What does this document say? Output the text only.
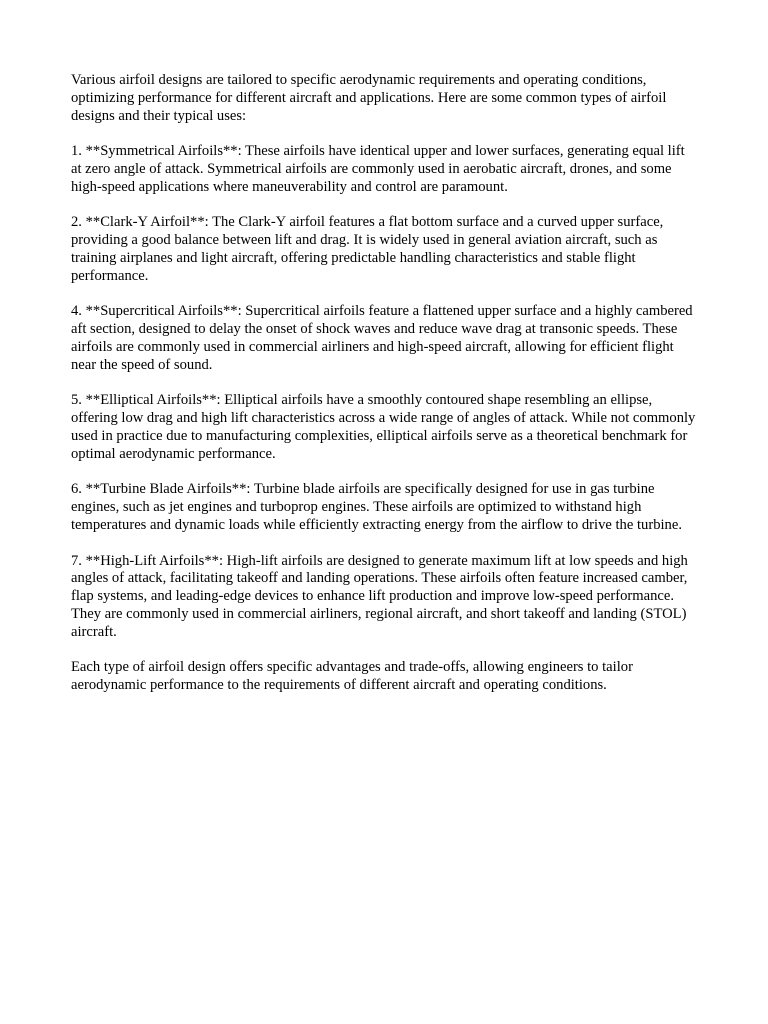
Various airfoil designs are tailored to specific aerodynamic requirements and operating conditions, optimizing performance for different aircraft and applications. Here are some common types of airfoil designs and their typical uses:

1. **Symmetrical Airfoils**: These airfoils have identical upper and lower surfaces, generating equal lift at zero angle of attack. Symmetrical airfoils are commonly used in aerobatic aircraft, drones, and some high-speed applications where maneuverability and control are paramount.

2. **Clark-Y Airfoil**: The Clark-Y airfoil features a flat bottom surface and a curved upper surface, providing a good balance between lift and drag. It is widely used in general aviation aircraft, such as training airplanes and light aircraft, offering predictable handling characteristics and stable flight performance.

4. **Supercritical Airfoils**: Supercritical airfoils feature a flattened upper surface and a highly cambered aft section, designed to delay the onset of shock waves and reduce wave drag at transonic speeds. These airfoils are commonly used in commercial airliners and high-speed aircraft, allowing for efficient flight near the speed of sound.

5. **Elliptical Airfoils**: Elliptical airfoils have a smoothly contoured shape resembling an ellipse, offering low drag and high lift characteristics across a wide range of angles of attack. While not commonly used in practice due to manufacturing complexities, elliptical airfoils serve as a theoretical benchmark for optimal aerodynamic performance.

6. **Turbine Blade Airfoils**: Turbine blade airfoils are specifically designed for use in gas turbine engines, such as jet engines and turboprop engines. These airfoils are optimized to withstand high temperatures and dynamic loads while efficiently extracting energy from the airflow to drive the turbine.

7. **High-Lift Airfoils**: High-lift airfoils are designed to generate maximum lift at low speeds and high angles of attack, facilitating takeoff and landing operations. These airfoils often feature increased camber, flap systems, and leading-edge devices to enhance lift production and improve low-speed performance. They are commonly used in commercial airliners, regional aircraft, and short takeoff and landing (STOL) aircraft.

Each type of airfoil design offers specific advantages and trade-offs, allowing engineers to tailor aerodynamic performance to the requirements of different aircraft and operating conditions.
